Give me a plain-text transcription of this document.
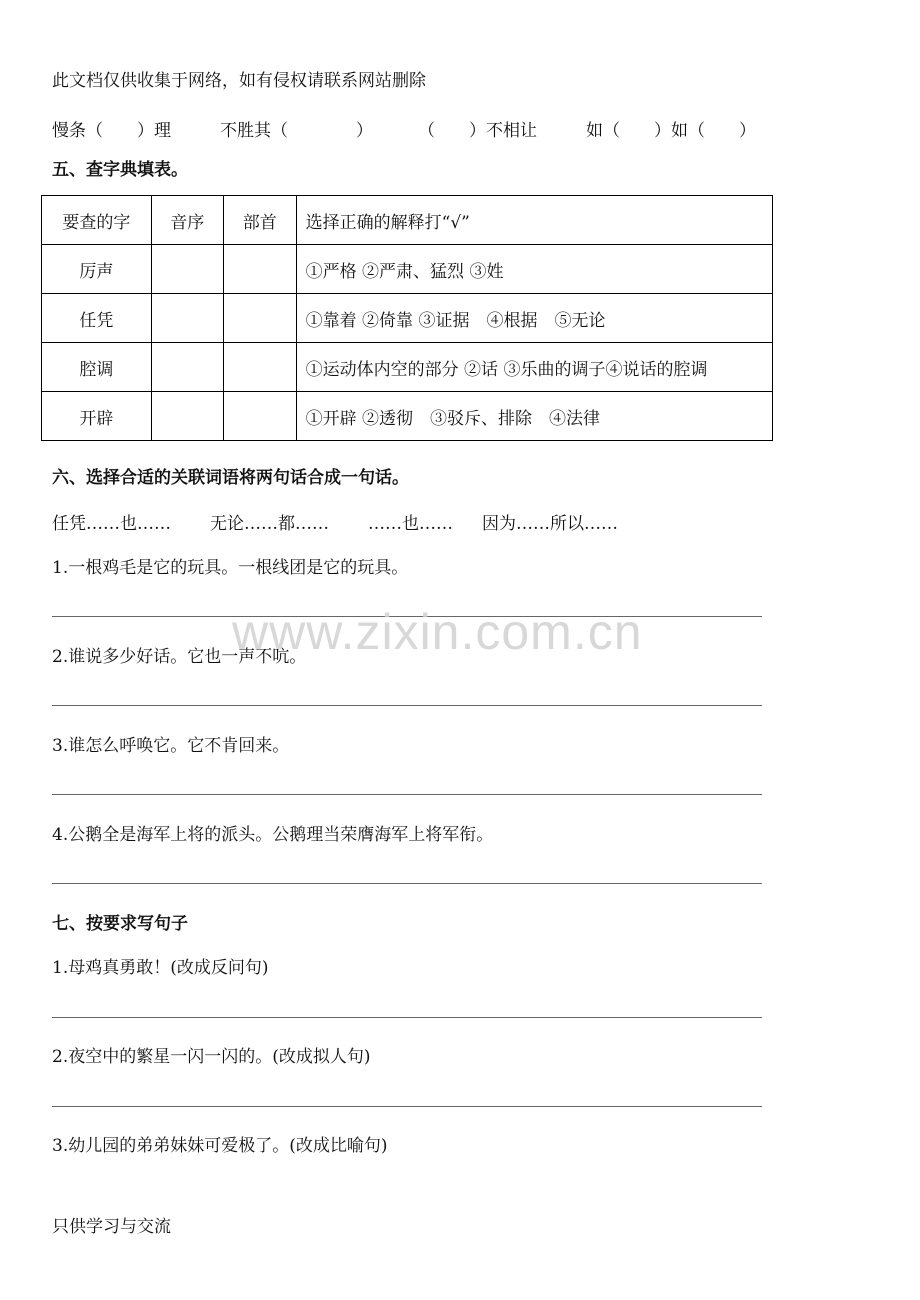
此文档仅供收集于网络，如有侵权请联系网站删除
慢条（　　）理	不胜其（　　　　）	（　　）不相让	如（　　）如（　　）
五、查字典填表。
要查的字	音序	部首	选择正确的解释打“√”
厉声			①严格 ②严肃、猛烈 ③姓
任凭			①靠着 ②倚靠 ③证据　④根据　⑤无论
腔调			①运动体内空的部分 ②话 ③乐曲的调子④说话的腔调
开辟			①开辟 ②透彻　③驳斥、排除　④法律
六、选择合适的关联词语将两句话合成一句话。
任凭……也…… 无论……都…… ……也…… 因为……所以……
1.一根鸡毛是它的玩具。一根线团是它的玩具。
2.谁说多少好话。它也一声不吭。
3.谁怎么呼唤它。它不肯回来。
4.公鹅全是海军上将的派头。公鹅理当荣膺海军上将军衔。
七、按要求写句子
1.母鸡真勇敢！(改成反问句)
2.夜空中的繁星一闪一闪的。(改成拟人句)
3.幼儿园的弟弟妹妹可爱极了。(改成比喻句)
只供学习与交流
www.zixin.com.cn
